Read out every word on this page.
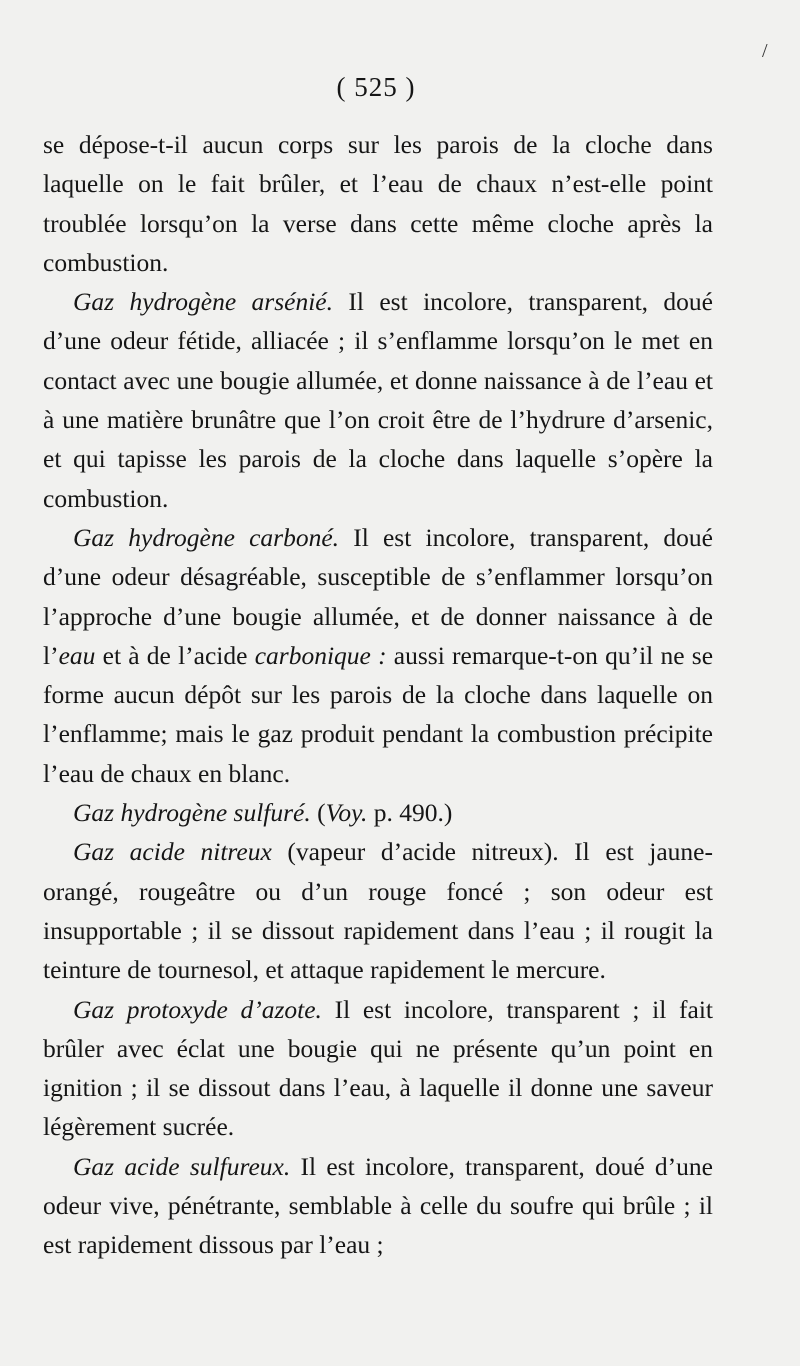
( 525 )
/

se dépose-t-il aucun corps sur les parois de la cloche dans laquelle on le fait brûler, et l’eau de chaux n’est-elle point troublée lorsqu’on la verse dans cette même cloche après la combustion.

Gaz hydrogène arsénié. Il est incolore, transparent, doué d’une odeur fétide, alliacée ; il s’enflamme lorsqu’on le met en contact avec une bougie allumée, et donne naissance à de l’eau et à une matière brunâtre que l’on croit être de l’hydrure d’arsenic, et qui tapisse les parois de la cloche dans laquelle s’opère la combustion.

Gaz hydrogène carboné. Il est incolore, transparent, doué d’une odeur désagréable, susceptible de s’enflammer lorsqu’on l’approche d’une bougie allumée, et de donner naissance à de l’eau et à de l’acide carbonique : aussi remarque-t-on qu’il ne se forme aucun dépôt sur les parois de la cloche dans laquelle on l’enflamme; mais le gaz produit pendant la combustion précipite l’eau de chaux en blanc.

Gaz hydrogène sulfuré. (Voy. p. 490.)

Gaz acide nitreux (vapeur d’acide nitreux). Il est jaune-orangé, rougeâtre ou d’un rouge foncé ; son odeur est insupportable ; il se dissout rapidement dans l’eau ; il rougit la teinture de tournesol, et attaque rapidement le mercure.

Gaz protoxyde d’azote. Il est incolore, transparent ; il fait brûler avec éclat une bougie qui ne présente qu’un point en ignition ; il se dissout dans l’eau, à laquelle il donne une saveur légèrement sucrée.

Gaz acide sulfureux. Il est incolore, transparent, doué d’une odeur vive, pénétrante, semblable à celle du soufre qui brûle ; il est rapidement dissous par l’eau ;
